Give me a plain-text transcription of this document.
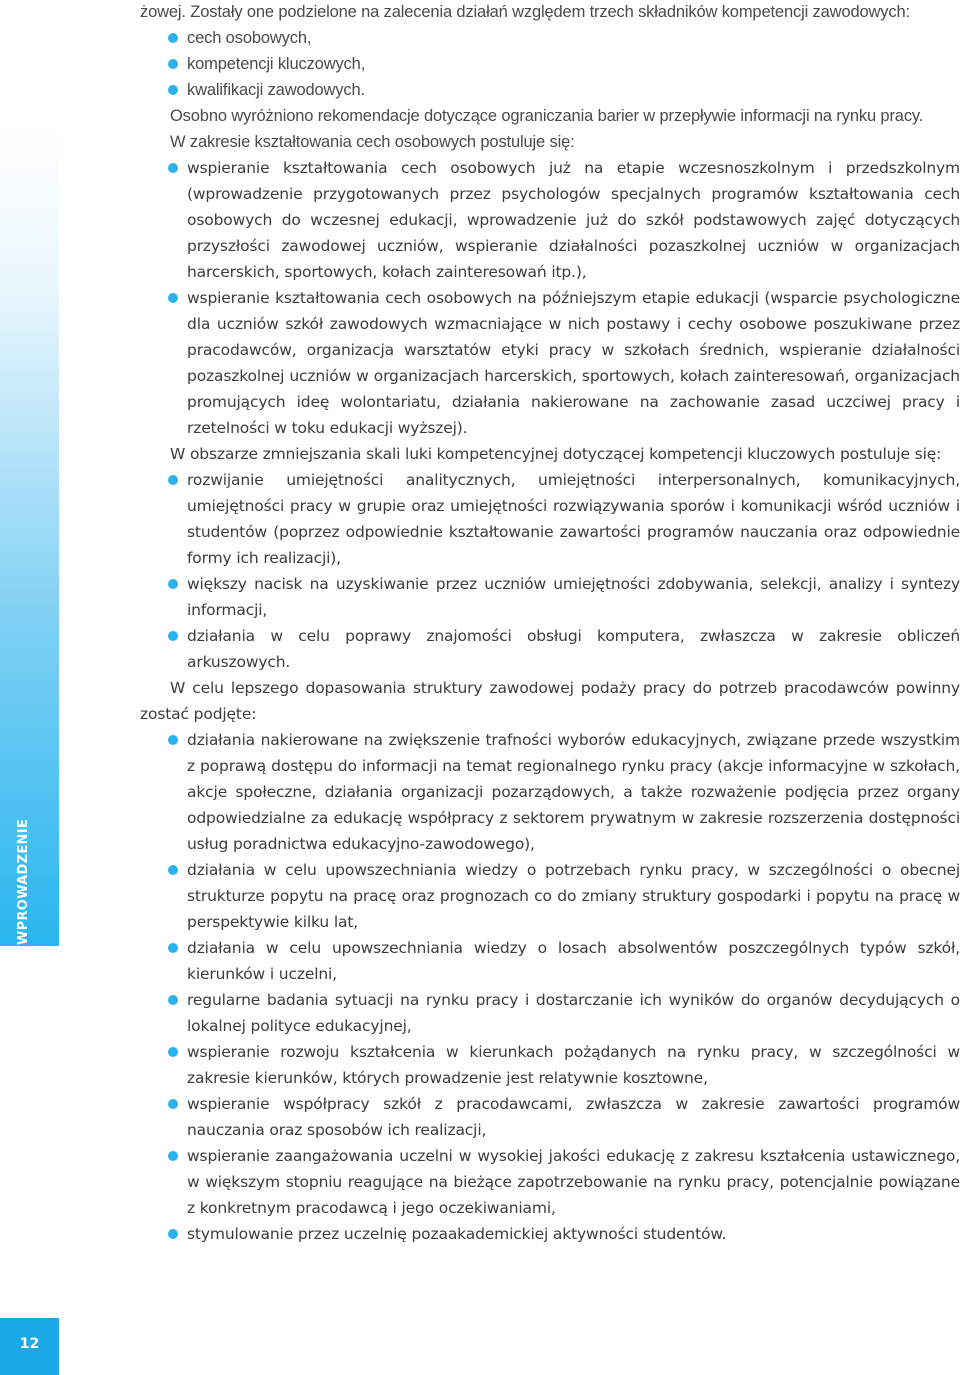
12

żowej. Zostały one podzielone na zalecenia działań względem trzech składników kompetencji zawodowych:

cech osobowych,
kompetencji kluczowych,
kwalifikacji zawodowych.

Osobno wyróżniono rekomendacje dotyczące ograniczania barier w przepływie informacji na rynku pracy.

W zakresie kształtowania cech osobowych postuluje się:

wspieranie kształtowania cech osobowych już na etapie wczesnoszkolnym i przedszkolnym (wprowadzenie przygotowanych przez psychologów specjalnych programów kształtowania cech osobowych do wczesnej edukacji, wprowadzenie już do szkół podstawowych zajęć dotyczących przyszłości zawodowej uczniów, wspieranie działalności pozaszkolnej uczniów w organizacjach harcerskich, sportowych, kołach zainteresowań itp.),
wspieranie kształtowania cech osobowych na późniejszym etapie edukacji (wsparcie psychologiczne dla uczniów szkół zawodowych wzmacniające w nich postawy i cechy osobowe poszukiwane przez pracodawców, organizacja warsztatów etyki pracy w szkołach średnich, wspieranie działalności pozaszkolnej uczniów w organizacjach harcerskich, sportowych, kołach zainteresowań, organizacjach promujących ideę wolontariatu, działania nakierowane na zachowanie zasad uczciwej pracy i rzetelności w toku edukacji wyższej).

W obszarze zmniejszania skali luki kompetencyjnej dotyczącej kompetencji kluczowych postuluje się:

rozwijanie umiejętności analitycznych, umiejętności interpersonalnych, komunikacyjnych, umiejętności pracy w grupie oraz umiejętności rozwiązywania sporów i komunikacji wśród uczniów i studentów (poprzez odpowiednie kształtowanie zawartości programów nauczania oraz odpowiednie formy ich realizacji),
większy nacisk na uzyskiwanie przez uczniów umiejętności zdobywania, selekcji, analizy i syntezy informacji,
działania w celu poprawy znajomości obsługi komputera, zwłaszcza w zakresie obliczeń arkuszowych.

W celu lepszego dopasowania struktury zawodowej podaży pracy do potrzeb pracodawców powinny zostać podjęte:

działania nakierowane na zwiększenie trafności wyborów edukacyjnych, związane przede wszystkim z poprawą dostępu do informacji na temat regionalnego rynku pracy (akcje informacyjne w szkołach, akcje społeczne, działania organizacji pozarządowych, a także rozważenie podjęcia przez organy odpowiedzialne za edukację współpracy z sektorem prywatnym w zakresie rozszerzenia dostępności usług poradnictwa edukacyjno-zawodowego),
działania w celu upowszechniania wiedzy o potrzebach rynku pracy, w szczególności o obecnej strukturze popytu na pracę oraz prognozach co do zmiany struktury gospodarki i popytu na pracę w perspektywie kilku lat,
działania w celu upowszechniania wiedzy o losach absolwentów poszczególnych typów szkół, kierunków i uczelni,
regularne badania sytuacji na rynku pracy i dostarczanie ich wyników do organów decydujących o lokalnej polityce edukacyjnej,
wspieranie rozwoju kształcenia w kierunkach pożądanych na rynku pracy, w szczególności w zakresie kierunków, których prowadzenie jest relatywnie kosztowne,
wspieranie współpracy szkół z pracodawcami, zwłaszcza w zakresie zawartości programów nauczania oraz sposobów ich realizacji,
wspieranie zaangażowania uczelni w wysokiej jakości edukację z zakresu kształcenia ustawicznego, w większym stopniu reagujące na bieżące zapotrzebowanie na rynku pracy, potencjalnie powiązane z konkretnym pracodawcą i jego oczekiwaniami,
stymulowanie przez uczelnię pozaakademickiej aktywności studentów.
